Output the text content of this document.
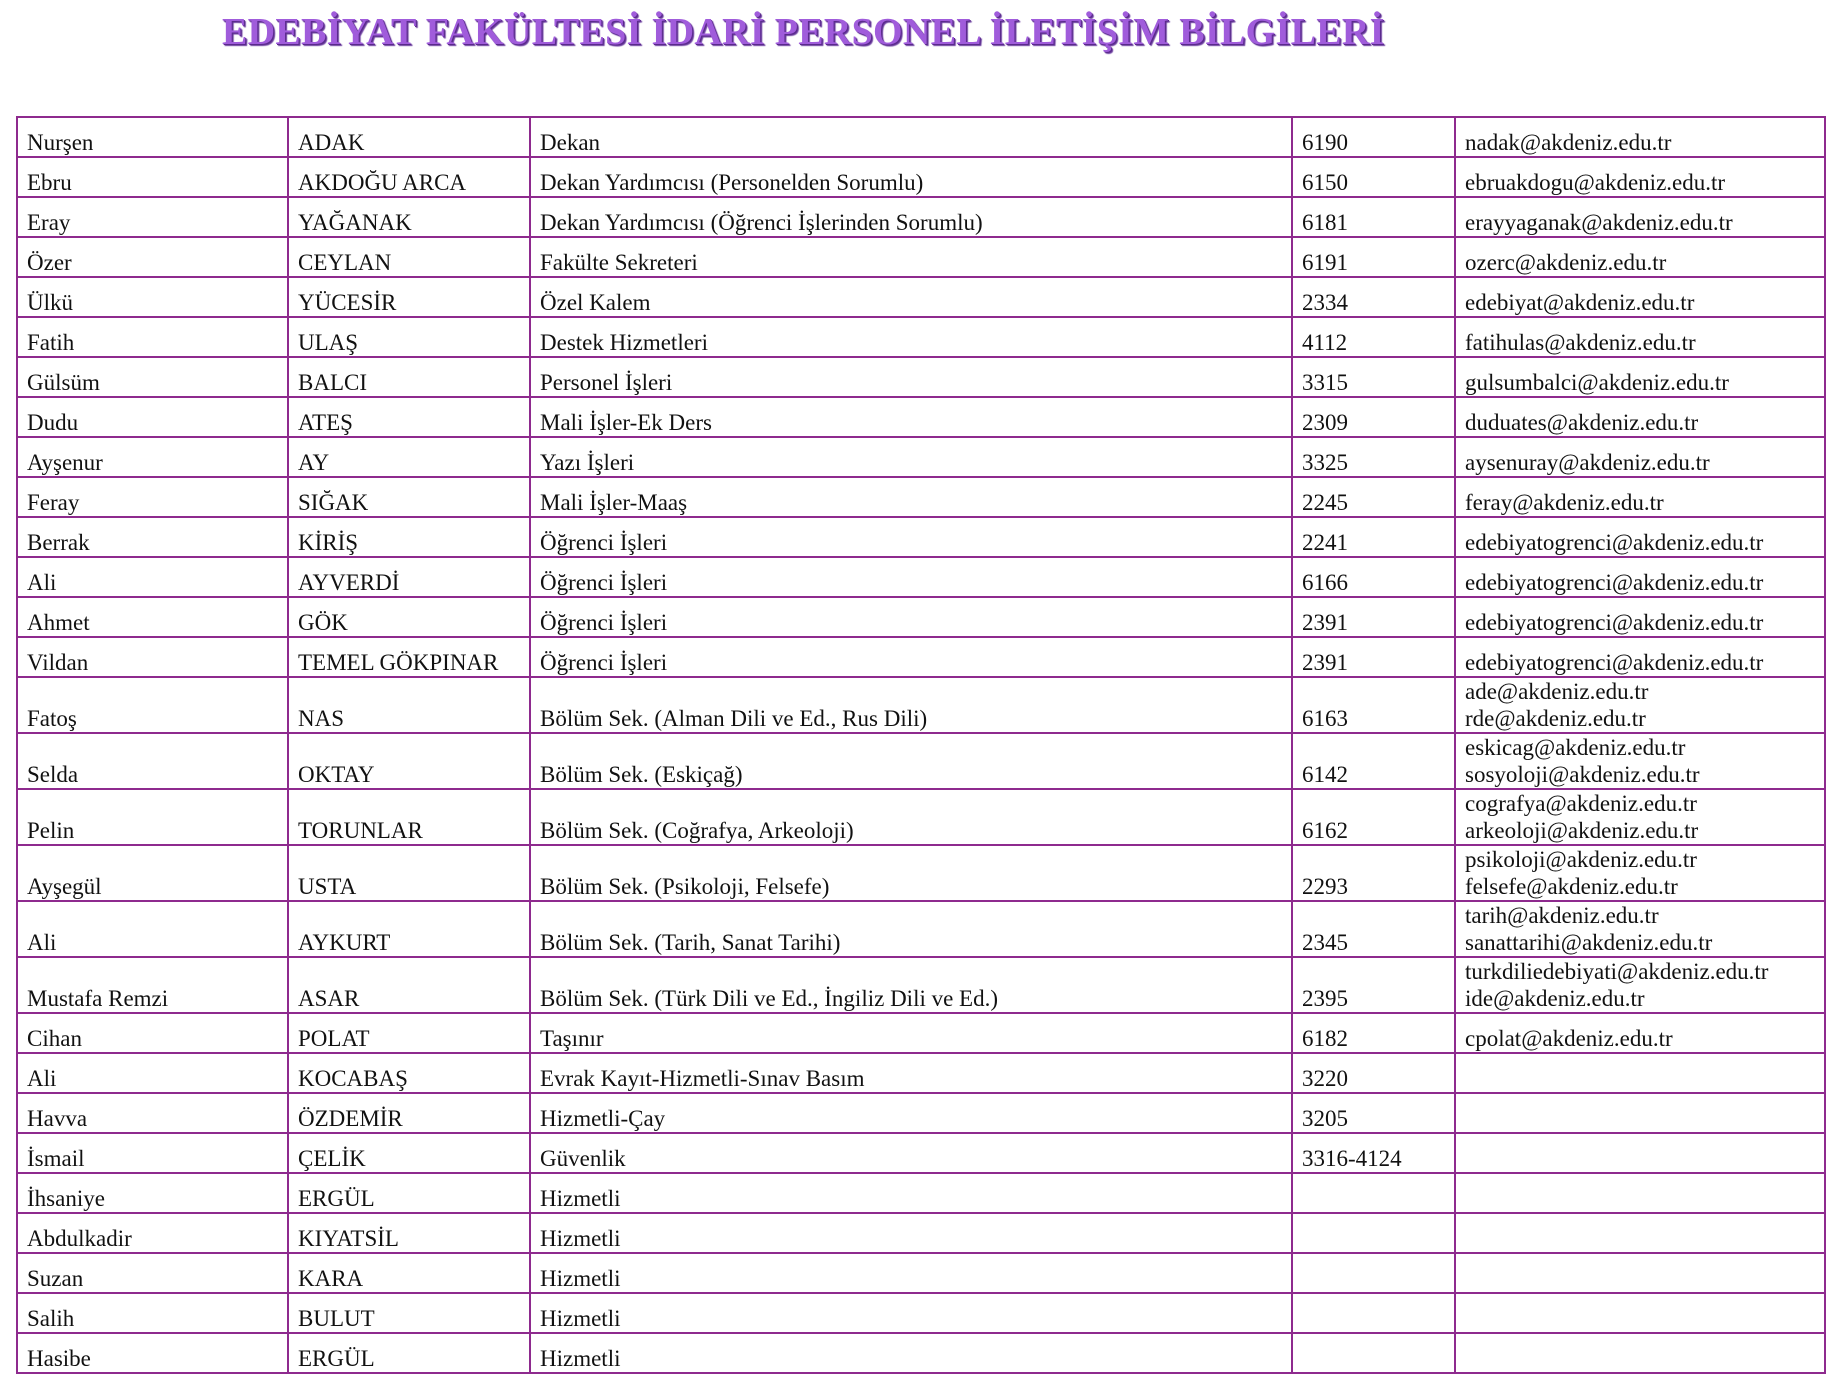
EDEBİYAT FAKÜLTESİ İDARİ PERSONEL İLETİŞİM BİLGİLERİ
Nurşen	ADAK	Dekan	6190	nadak@akdeniz.edu.tr

Ebru	AKDOĞU ARCA	Dekan Yardımcısı (Personelden Sorumlu)	6150	ebruakdogu@akdeniz.edu.tr

Eray	YAĞANAK	Dekan Yardımcısı (Öğrenci İşlerinden Sorumlu)	6181	erayyaganak@akdeniz.edu.tr

Özer	CEYLAN	Fakülte Sekreteri	6191	ozerc@akdeniz.edu.tr

Ülkü	YÜCESİR	Özel Kalem	2334	edebiyat@akdeniz.edu.tr

Fatih	ULAŞ	Destek Hizmetleri	4112	fatihulas@akdeniz.edu.tr

Gülsüm	BALCI	Personel İşleri	3315	gulsumbalci@akdeniz.edu.tr

Dudu	ATEŞ	Mali İşler-Ek Ders	2309	duduates@akdeniz.edu.tr

Ayşenur	AY	Yazı İşleri	3325	aysenuray@akdeniz.edu.tr

Feray	SIĞAK	Mali İşler-Maaş	2245	feray@akdeniz.edu.tr

Berrak	KİRİŞ	Öğrenci İşleri	2241	edebiyatogrenci@akdeniz.edu.tr

Ali	AYVERDİ	Öğrenci İşleri	6166	edebiyatogrenci@akdeniz.edu.tr

Ahmet	GÖK	Öğrenci İşleri	2391	edebiyatogrenci@akdeniz.edu.tr

Vildan	TEMEL GÖKPINAR	Öğrenci İşleri	2391	edebiyatogrenci@akdeniz.edu.tr

Fatoş	NAS	Bölüm Sek. (Alman Dili ve Ed., Rus Dili)	6163	ade@akdeniz.edu.tr
rde@akdeniz.edu.tr

Selda	OKTAY	Bölüm Sek. (Eskiçağ)	6142	eskicag@akdeniz.edu.tr
sosyoloji@akdeniz.edu.tr

Pelin	TORUNLAR	Bölüm Sek. (Coğrafya, Arkeoloji)	6162	cografya@akdeniz.edu.tr
arkeoloji@akdeniz.edu.tr

Ayşegül	USTA	Bölüm Sek. (Psikoloji, Felsefe)	2293	psikoloji@akdeniz.edu.tr
felsefe@akdeniz.edu.tr

Ali	AYKURT	Bölüm Sek. (Tarih, Sanat Tarihi)	2345	tarih@akdeniz.edu.tr
sanattarihi@akdeniz.edu.tr

Mustafa Remzi	ASAR	Bölüm Sek. (Türk Dili ve Ed., İngiliz Dili ve Ed.)	2395	turkdiliedebiyati@akdeniz.edu.tr
ide@akdeniz.edu.tr

Cihan	POLAT	Taşınır	6182	cpolat@akdeniz.edu.tr

Ali	KOCABAŞ	Evrak Kayıt-Hizmetli-Sınav Basım	3220	
Havva	ÖZDEMİR	Hizmetli-Çay	3205	
İsmail	ÇELİK	Güvenlik	3316-4124	
İhsaniye	ERGÜL	Hizmetli		
Abdulkadir	KIYATSİL	Hizmetli		
Suzan	KARA	Hizmetli		
Salih	BULUT	Hizmetli		
Hasibe	ERGÜL	Hizmetli		
